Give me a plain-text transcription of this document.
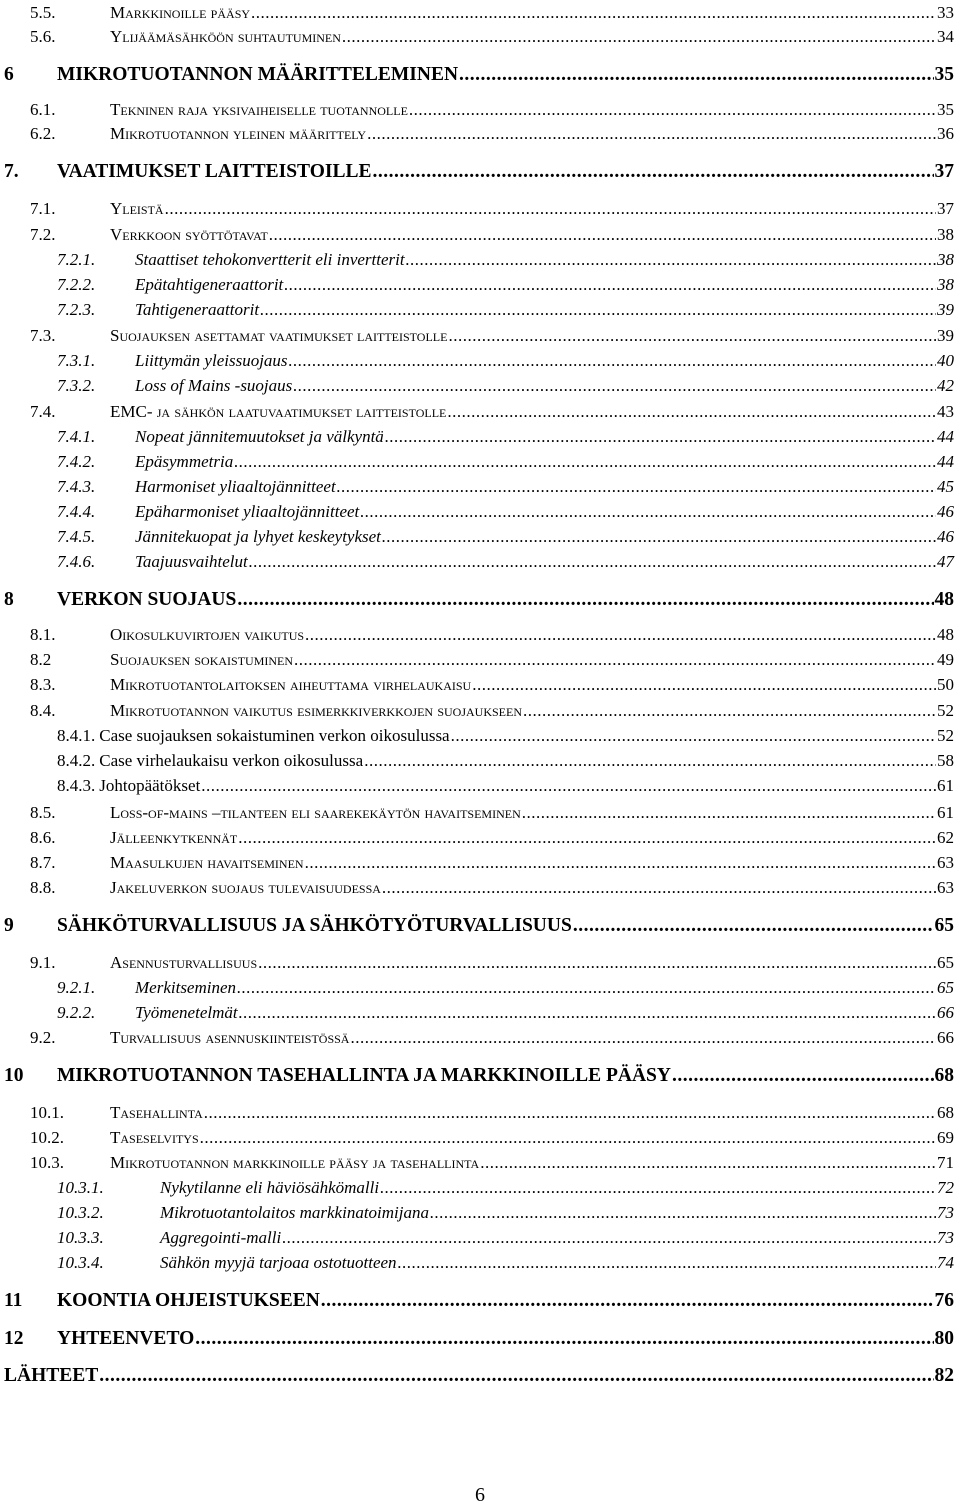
5.5.	Markkinoille pääsy .....	33
5.6.	Ylijäämäsähköön suhtautuminen .....	34
6 MIKROTUOTANNON MÄÄRITTELEMINEN .....	35
6.1.	Tekninen raja yksivaiheiselle tuotannolle .....	35
6.2.	Mikrotuotannon yleinen määrittely .....	36
7. VAATIMUKSET LAITTEISTOILLE .....	37
7.1.	Yleistä .....	37
7.2.	Verkkoon syöttötavat .....	38
7.2.1. Staattiset tehokonvertterit eli invertterit .....	38
7.2.2. Epätahtigeneraattorit .....	38
7.2.3. Tahtigeneraattorit .....	39
7.3.	Suojauksen asettamat vaatimukset laitteistolle .....	39
7.3.1. Liittymän yleissuojaus .....	40
7.3.2. Loss of Mains -suojaus .....	42
7.4.	EMC- ja sähkön laatuvaatimukset laitteistolle .....	43
7.4.1. Nopeat jännitemuutokset ja välkyntä .....	44
7.4.2. Epäsymmetria .....	44
7.4.3. Harmoniset yliaaltojännitteet .....	45
7.4.4. Epäharmoniset yliaaltojännitteet .....	46
7.4.5. Jännitekuopat ja lyhyet keskeytykset .....	46
7.4.6. Taajuusvaihtelut .....	47
8 VERKON SUOJAUS .....	48
8.1.	Oikosulkuvirtojen vaikutus .....	48
8.2	Suojauksen sokaistuminen .....	49
8.3.	Mikrotuotantolaitoksen aiheuttama virhelaukaisu .....	50
8.4.	Mikrotuotannon vaikutus esimerkkiverkkojen suojaukseen .....	52
8.4.1. Case suojauksen sokaistuminen verkon oikosulussa .....	52
8.4.2. Case virhelaukaisu verkon oikosulussa .....	58
8.4.3. Johtopäätökset .....	61
8.5.	Loss-of-mains –tilanteen eli saarekekäytön havaitseminen .....	61
8.6.	Jälleenkytkennät .....	62
8.7.	Maasulkujen havaitseminen .....	63
8.8.	Jakeluverkon suojaus tulevaisuudessa .....	63
9 SÄHKÖTURVALLISUUS JA SÄHKÖTYÖTURVALLISUUS .....	65
9.1.	Asennusturvallisuus .....	65
9.2.1. Merkitseminen .....	65
9.2.2. Työmenetelmät .....	66
9.2.	Turvallisuus asennuskiinteistössä .....	66
10 MIKROTUOTANNON TASEHALLINTA JA MARKKINOILLE PÄÄSY .....	68
10.1.	Tasehallinta .....	68
10.2.	Taseselvitys .....	69
10.3.	Mikrotuotannon markkinoille pääsy ja tasehallinta .....	71
10.3.1.	Nykytilanne eli häviösähkömalli .....	72
10.3.2.	Mikrotuotantolaitos markkinatoimijana .....	73
10.3.3.	Aggregointi-malli .....	73
10.3.4.	Sähkön myyjä tarjoaa ostotuotteen .....	74
11 KOONTIA OHJEISTUKSEEN .....	76
12 YHTEENVETO .....	80
LÄHTEET .....	82
6
